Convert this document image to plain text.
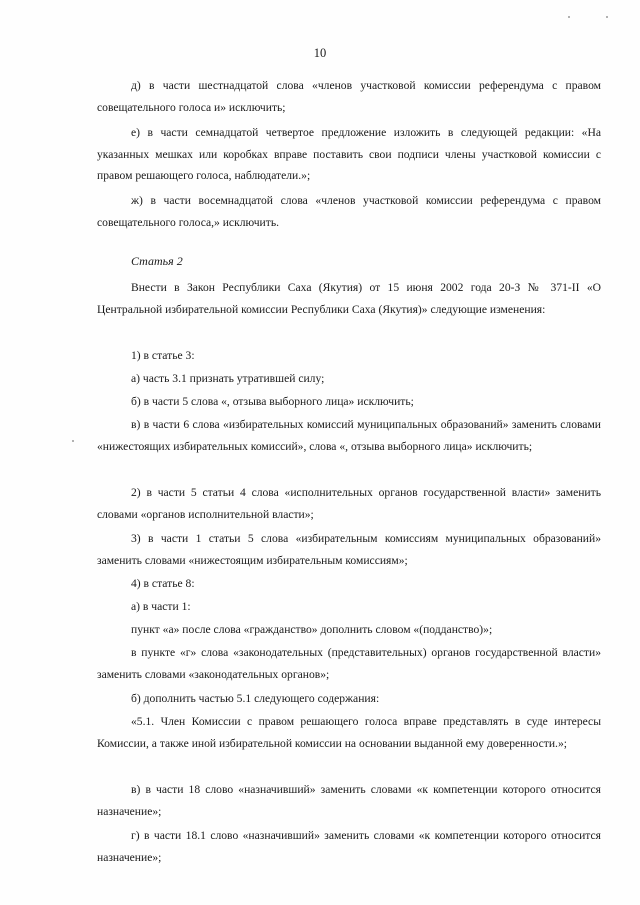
10
д) в части шестнадцатой слова «членов участковой комиссии референдума с правом совещательного голоса и» исключить;
е) в части семнадцатой четвертое предложение изложить в следующей редакции: «На указанных мешках или коробках вправе поставить свои подписи члены участковой комиссии с правом решающего голоса, наблюдатели.»;
ж) в части восемнадцатой слова «членов участковой комиссии референдума с правом совещательного голоса,» исключить.
Статья 2
Внести в Закон Республики Саха (Якутия) от 15 июня 2002 года 20-З № 371-II «О Центральной избирательной комиссии Республики Саха (Якутия)» следующие изменения:
1) в статье 3:
а) часть 3.1 признать утратившей силу;
б) в части 5 слова «, отзыва выборного лица» исключить;
в) в части 6 слова «избирательных комиссий муниципальных образований» заменить словами «нижестоящих избирательных комиссий», слова «, отзыва выборного лица» исключить;
2) в части 5 статьи 4 слова «исполнительных органов государственной власти» заменить словами «органов исполнительной власти»;
3) в части 1 статьи 5 слова «избирательным комиссиям муниципальных образований» заменить словами «нижестоящим избирательным комиссиям»;
4) в статье 8:
а) в части 1:
пункт «а» после слова «гражданство» дополнить словом «(подданство)»;
в пункте «г» слова «законодательных (представительных) органов государственной власти» заменить словами «законодательных органов»;
б) дополнить частью 5.1 следующего содержания:
«5.1. Член Комиссии с правом решающего голоса вправе представлять в суде интересы Комиссии, а также иной избирательной комиссии на основании выданной ему доверенности.»;
в) в части 18 слово «назначивший» заменить словами «к компетенции которого относится назначение»;
г) в части 18.1 слово «назначивший» заменить словами «к компетенции которого относится назначение»;
